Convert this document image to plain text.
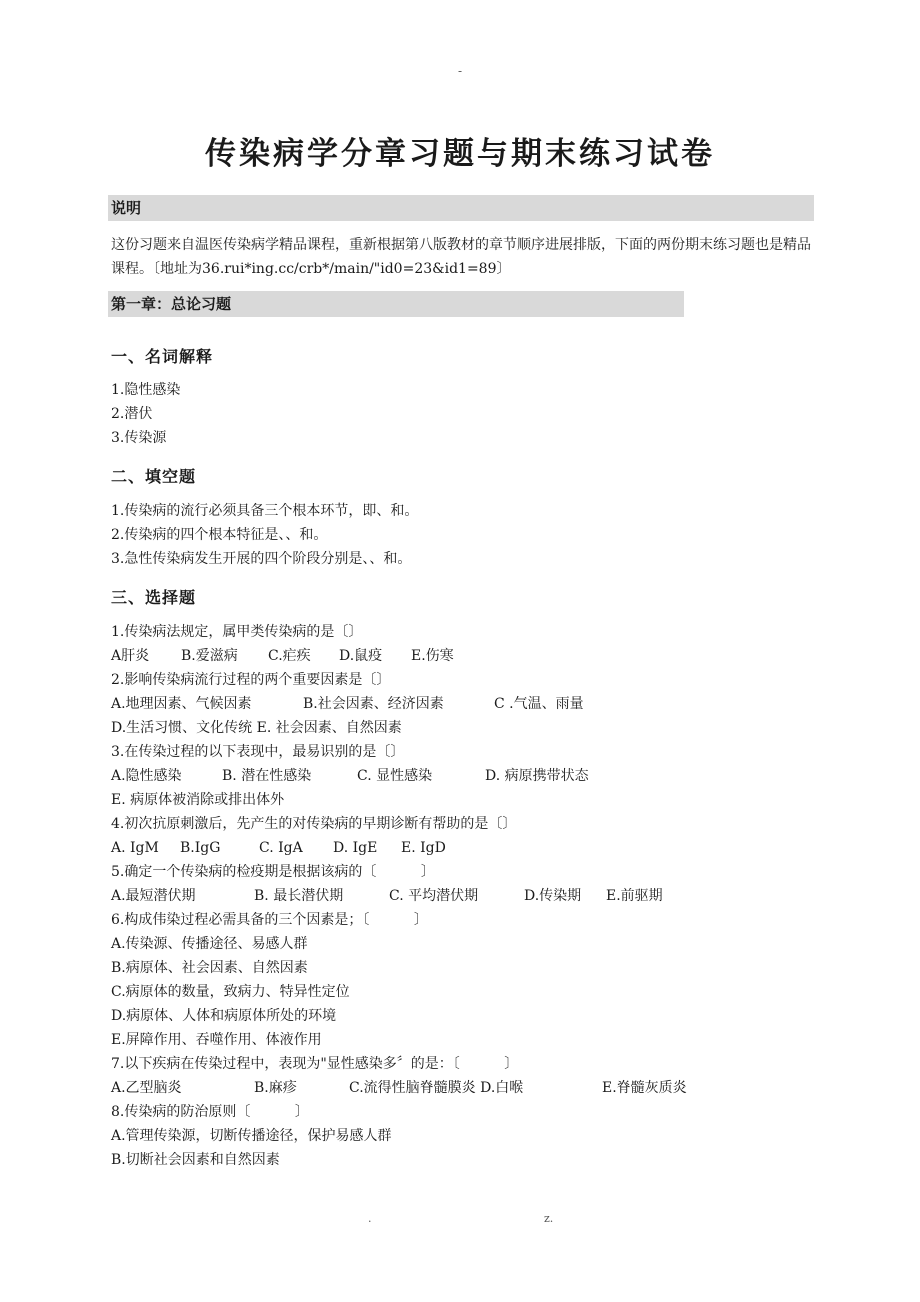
-
传染病学分章习题与期末练习试卷
说明
这份习题来自温医传染病学精品课程，重新根据第八版教材的章节顺序进展排版，下面的两份期末练习题也是精品课程。〔地址为36.rui*ing.cc/crb*/main/"id0=23&id1=89〕
第一章：总论习题
一、名词解释
1.隐性感染
2.潜伏
3.传染源
二、填空题
1.传染病的流行必须具备三个根本环节，即、和。
2.传染病的四个根本特征是、、和。
3.急性传染病发生开展的四个阶段分别是、、和。
三、选择题
1.传染病法规定，属甲类传染病的是〔〕
A肝炎 B.爱滋病 C.疟疾 D.鼠疫 E.伤寒
2.影响传染病流行过程的两个重要因素是〔〕
A.地理因素、气候因素	B.社会因素、经济因素	C .气温、雨量
D.生活习惯、文化传统 E. 社会因素、自然因素
3.在传染过程的以下表现中，最易识别的是〔〕
A.隐性感染	B. 潜在性感染	C. 显性感染	D. 病原携带状态
E. 病原体被消除或排出体外
4.初次抗原刺激后，先产生的对传染病的早期诊断有帮助的是〔〕
A. IgM B.IgG	C. IgA D. IgE E. IgD
5.确定一个传染病的检疫期是根据该病的〔          〕
A.最短潜伏期	B. 最长潜伏期	C. 平均潜伏期	D.传染期 E.前驱期
6.构成伟染过程必需具备的三个因素是；〔          〕
A.传染源、传播途径、易感人群
B.病原体、社会因素、自然因素
C.病原体的数量，致病力、特异性定位
D.病原体、人体和病原体所处的环境
E.屏障作用、吞噬作用、体液作用
7.以下疾病在传染过程中，表现为"显性感染多〞的是：〔          〕
A.乙型脑炎	B.麻疹	C.流得性脑脊髓膜炎 D.白喉	E.脊髓灰质炎
8.传染病的防治原则〔          〕
A.管理传染源，切断传播途径，保护易感人群
B.切断社会因素和自然因素
.	z.
